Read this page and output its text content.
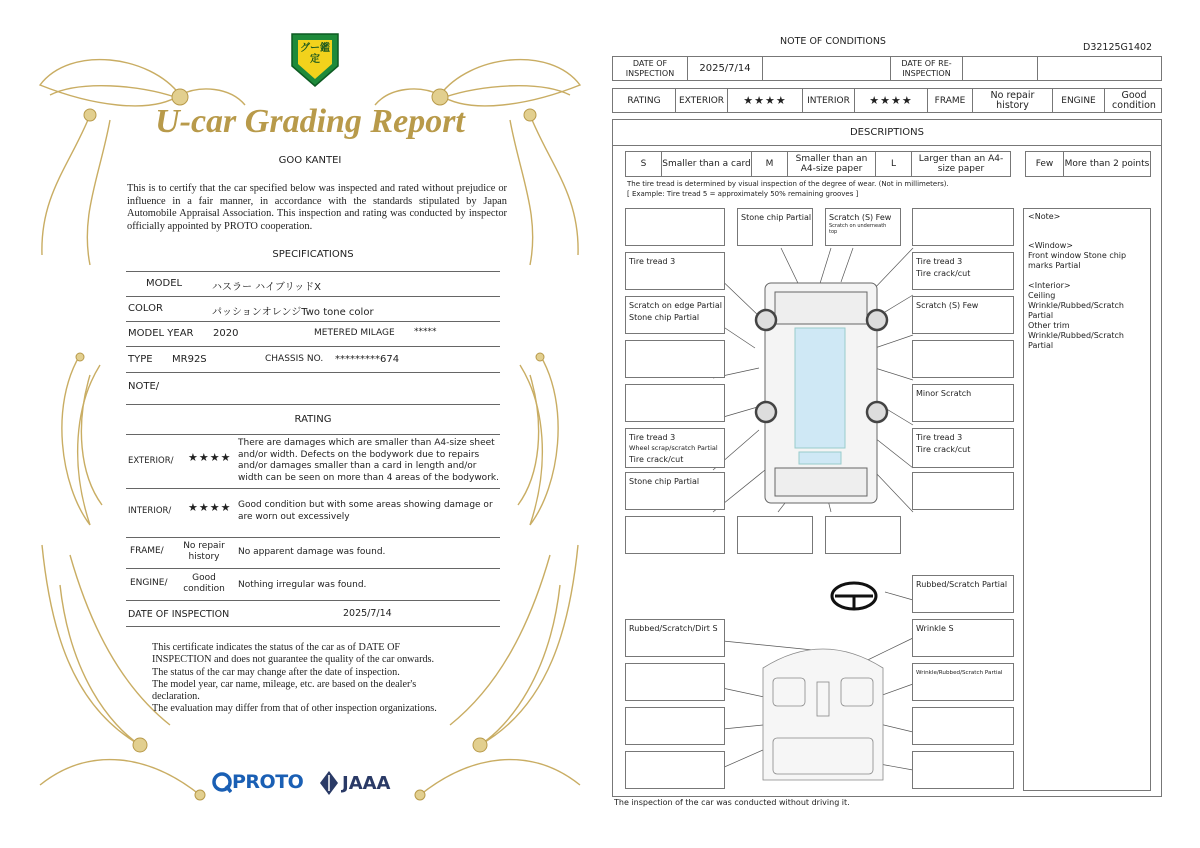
グー鑑定
U-car Grading Report
GOO KANTEI
This is to certify that the car specified below was inspected and rated without prejudice or influence in a fair manner, in accordance with the standards stipulated by Japan Automobile Appraisal Association. This inspection and rating was conducted by inspector officially appointed by PROTO cooperation.
SPECIFICATIONS
MODEL	ハスラー ハイブリッドX
COLOR	パッションオレンジTwo tone color
MODEL YEAR 2020	METERED MILAGE *****
TYPE MR92S	CHASSIS NO. *********674
NOTE/
RATING
EXTERIOR/ ★★★★
There are damages which are smaller than A4-size sheet and/or width. Defects on the bodywork due to repairs and/or damages smaller than a card in length and/or width can be seen on more than 4 areas of the bodywork.
INTERIOR/ ★★★★ Good condition but with some areas showing damage or are worn out excessively
FRAME/	No repair history	No apparent damage was found.
ENGINE/	Good condition	Nothing irregular was found.
DATE OF INSPECTION	2025/7/14
This certificate indicates the status of the car as of DATE OF
INSPECTION and does not guarantee the quality of the car onwards.
The status of the car may change after the date of inspection.
The model year, car name, mileage, etc. are based on the dealer's
declaration.
The evaluation may differ from that of other inspection organizations.
PROTO JAAA
NOTE OF CONDITIONS
D32125G1402
DATE OF INSPECTION	2025/7/14	DATE OF RE-INSPECTION
RATING	EXTERIOR	★★★★	INTERIOR	★★★★	FRAME	No repair history	ENGINE	Good condition
DESCRIPTIONS
S	Smaller than a card	M	Smaller than an A4-size paper	L	Larger than an A4-size paper	Few	More than 2 points
The tire tread is determined by visual inspection of the degree of wear. (Not in millimeters).
[ Example: Tire tread 5 = approximately 50% remaining grooves ]
Tire tread 3
Scratch on edge Partial
Stone chip Partial
Tire tread 3
Wheel scrap/scratch Partial
Tire crack/cut
Stone chip Partial
Stone chip Partial Scratch (S) Few
Scratch on underneath top
Tire tread 3
Tire crack/cut
Scratch (S) Few
Minor Scratch
Tire tread 3
Tire crack/cut
Rubbed/Scratch Partial
Wrinkle S
Wrinkle/Rubbed/Scratch Partial
Rubbed/Scratch/Dirt S
<Note>
<Window>
Front window Stone chip marks Partial
<Interior>
Ceiling
Wrinkle/Rubbed/Scratch Partial
Other trim
Wrinkle/Rubbed/Scratch Partial
The inspection of the car was conducted without driving it.
